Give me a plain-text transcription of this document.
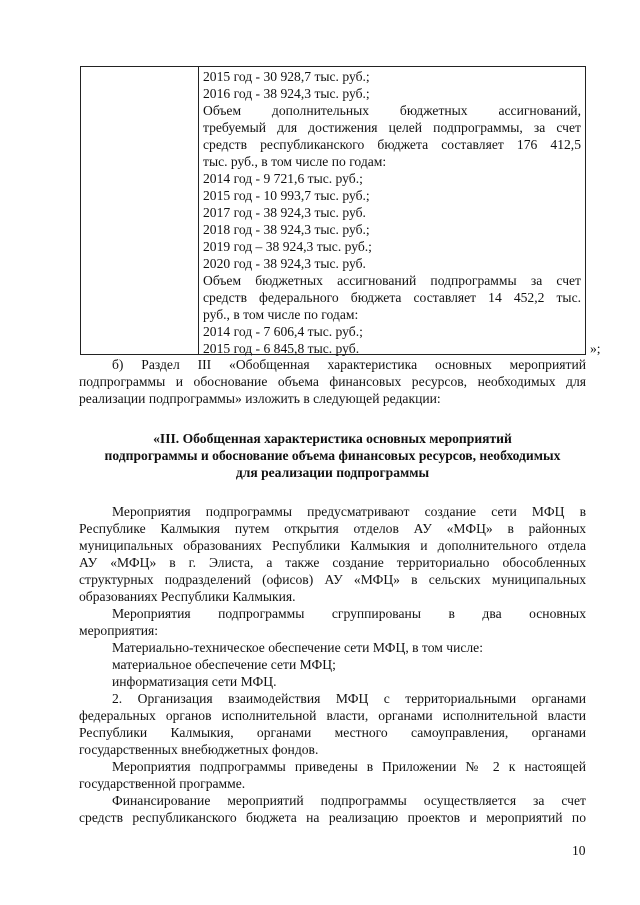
2015 год - 30 928,7 тыс. руб.;
2016 год - 38 924,3 тыс. руб.;
Объем дополнительных бюджетных ассигнований,
требуемый для достижения целей подпрограммы, за счет
средств республиканского бюджета составляет 176 412,5
тыс. руб., в том числе по годам:
2014 год - 9 721,6 тыс. руб.;
2015 год - 10 993,7 тыс. руб.;
2017 год - 38 924,3 тыс. руб.
2018 год - 38 924,3 тыс. руб.;
2019 год – 38 924,3 тыс. руб.;
2020 год - 38 924,3 тыс. руб.
Объем бюджетных ассигнований подпрограммы за счет
средств федерального бюджета составляет 14 452,2 тыс.
руб., в том числе по годам:
2014 год - 7 606,4 тыс. руб.;
2015 год - 6 845,8 тыс. руб.	»;
б) Раздел III «Обобщенная характеристика основных мероприятий
подпрограммы и обоснование объема финансовых ресурсов, необходимых для
реализации подпрограммы» изложить в следующей редакции:
«III. Обобщенная характеристика основных мероприятий
подпрограммы и обоснование объема финансовых ресурсов, необходимых
для реализации подпрограммы
Мероприятия подпрограммы предусматривают создание сети МФЦ в
Республике Калмыкия путем открытия отделов АУ «МФЦ» в районных
муниципальных образованиях Республики Калмыкия и дополнительного отдела
АУ «МФЦ» в г. Элиста, а также создание территориально обособленных
структурных подразделений (офисов) АУ «МФЦ» в сельских муниципальных
образованиях Республики Калмыкия.
Мероприятия подпрограммы сгруппированы в два основных
мероприятия:
Материально-техническое обеспечение сети МФЦ, в том числе:
материальное обеспечение сети МФЦ;
информатизация сети МФЦ.
2. Организация взаимодействия МФЦ с территориальными органами
федеральных органов исполнительной власти, органами исполнительной власти
Республики Калмыкия, органами местного самоуправления, органами
государственных внебюджетных фондов.
Мероприятия подпрограммы приведены в Приложении № 2 к настоящей
государственной программе.
Финансирование мероприятий подпрограммы осуществляется за счет
средств республиканского бюджета на реализацию проектов и мероприятий по
10
